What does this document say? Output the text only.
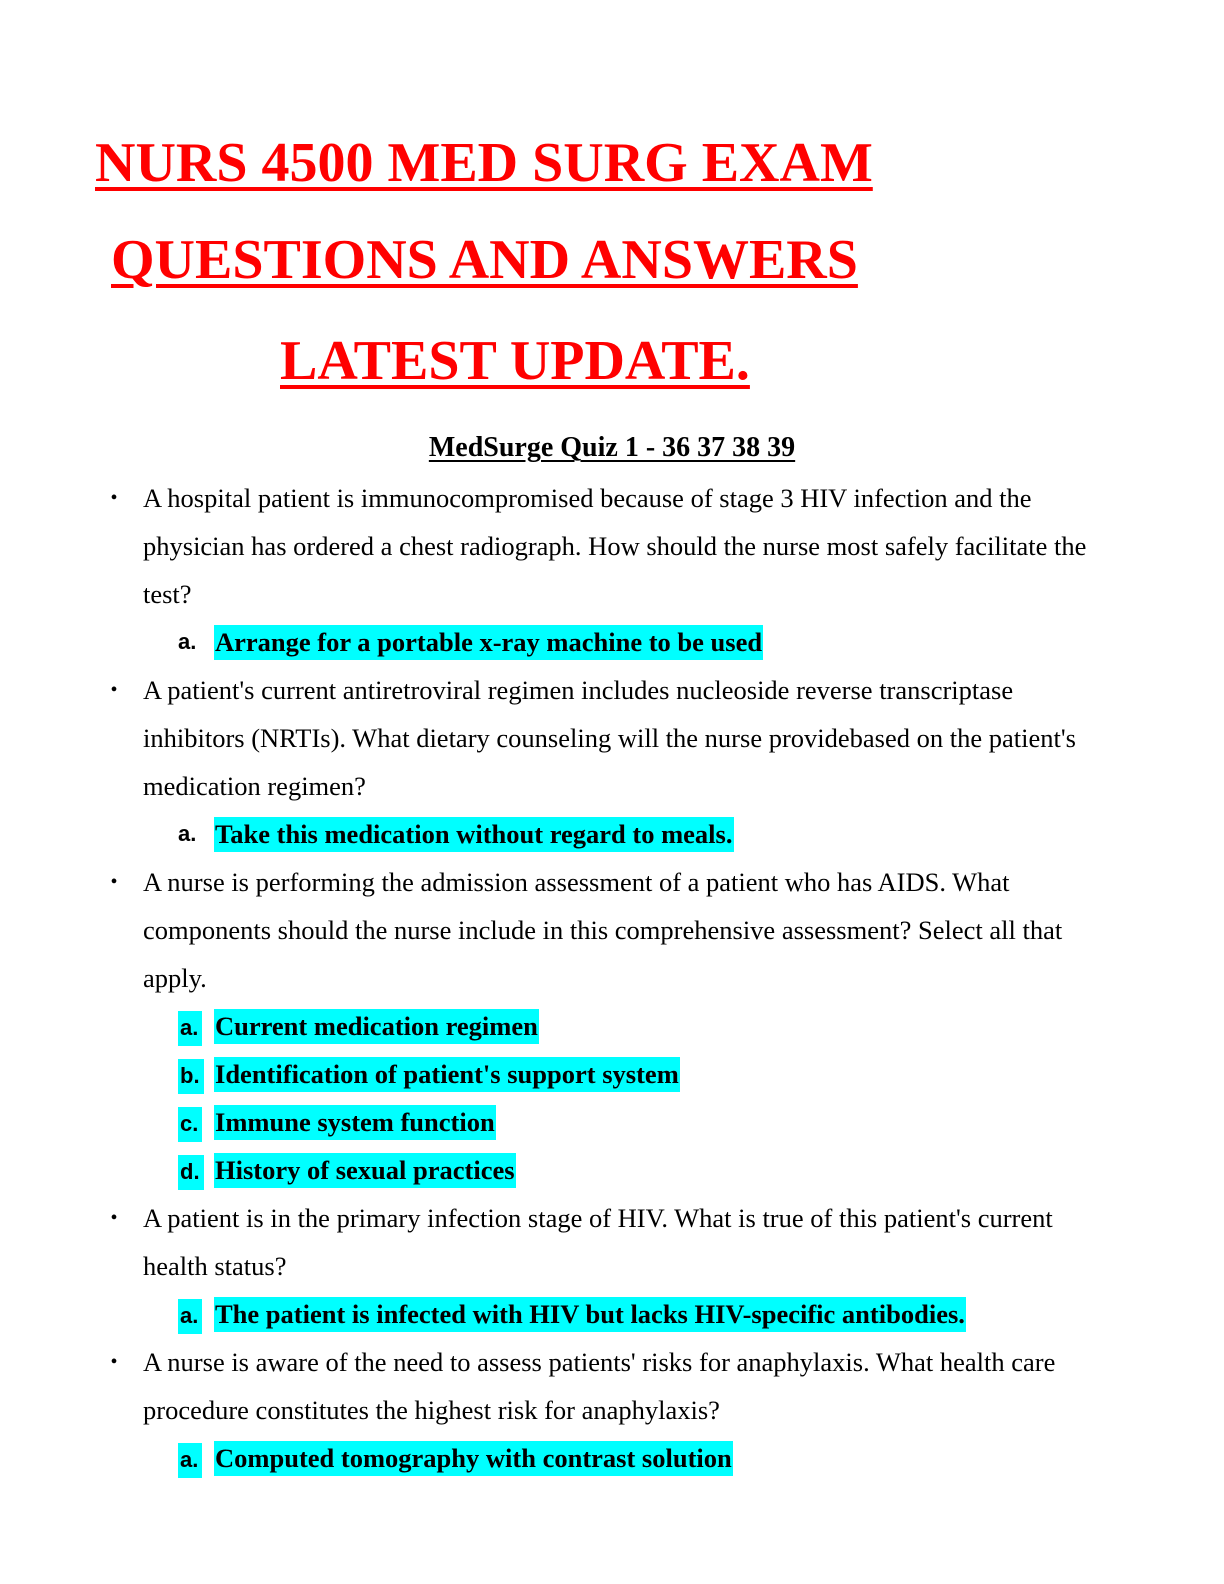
NURS 4500 MED SURG EXAM
QUESTIONS AND ANSWERS
LATEST UPDATE.
MedSurge Quiz 1 - 36 37 38 39
• A hospital patient is immunocompromised because of stage 3 HIV infection and the physician has ordered a chest radiograph. How should the nurse most safely facilitate the test?
a. Arrange for a portable x-ray machine to be used
• A patient's current antiretroviral regimen includes nucleoside reverse transcriptase inhibitors (NRTIs). What dietary counseling will the nurse providebased on the patient's medication regimen?
a. Take this medication without regard to meals.
• A nurse is performing the admission assessment of a patient who has AIDS. What components should the nurse include in this comprehensive assessment? Select all that apply.
a. Current medication regimen
b. Identification of patient's support system
c. Immune system function
d. History of sexual practices
• A patient is in the primary infection stage of HIV. What is true of this patient's current health status?
a. The patient is infected with HIV but lacks HIV-specific antibodies.
• A nurse is aware of the need to assess patients' risks for anaphylaxis. What health care procedure constitutes the highest risk for anaphylaxis?
a. Computed tomography with contrast solution
